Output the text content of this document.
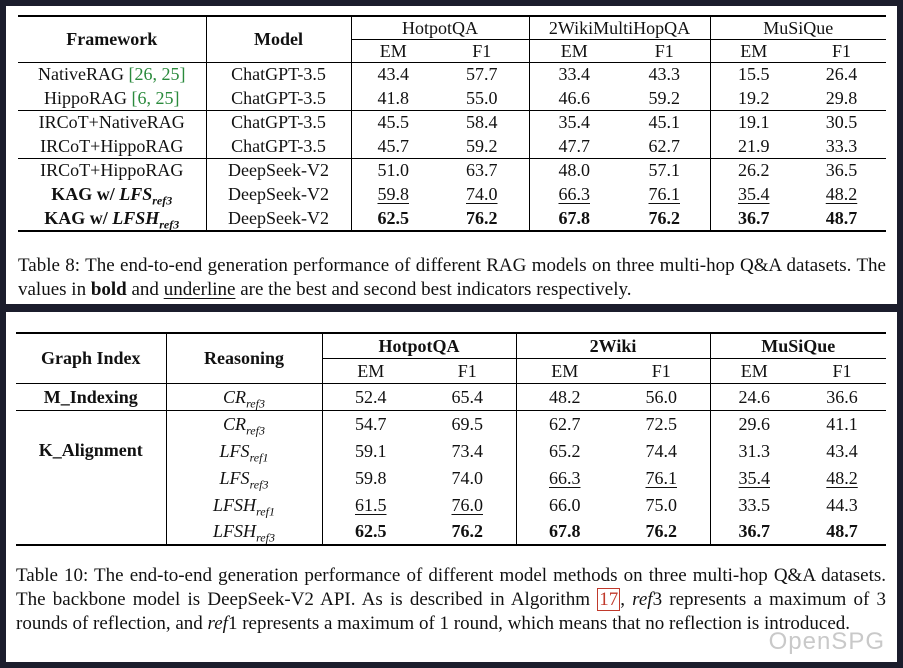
Framework	Model	HotpotQA		2WikiMultiHopQA		MuSiQue	
		EM	F1	EM	F1	EM	F1
NativeRAG [26, 25]	ChatGPT-3.5	43.4	57.7	33.4	43.3	15.5	26.4
HippoRAG [6, 25]	ChatGPT-3.5	41.8	55.0	46.6	59.2	19.2	29.8
IRCoT+NativeRAG	ChatGPT-3.5	45.5	58.4	35.4	45.1	19.1	30.5
IRCoT+HippoRAG	ChatGPT-3.5	45.7	59.2	47.7	62.7	21.9	33.3
IRCoT+HippoRAG	DeepSeek-V2	51.0	63.7	48.0	57.1	26.2	36.5
KAG w/ $LFS_{ref3}$	DeepSeek-V2	59.8	74.0	66.3	76.1	35.4	48.2
KAG w/ $LFSH_{ref3}$	DeepSeek-V2	62.5	76.2	67.8	76.2	36.7	48.7
Table 8: The end-to-end generation performance of different RAG models on three multi-hop Q&A datasets. The values in bold and underline are the best and second best indicators respectively.
Graph Index	Reasoning	HotpotQA		2Wiki		MuSiQue	
		EM	F1	EM	F1	EM	F1
M_Indexing	$CR_{ref3}$	52.4	65.4	48.2	56.0	24.6	36.6
K_Alignment	$CR_{ref3}$	54.7	69.5	62.7	72.5	29.6	41.1
	$LFS_{ref1}$	59.1	73.4	65.2	74.4	31.3	43.4
	$LFS_{ref3}$	59.8	74.0	66.3	76.1	35.4	48.2
	$LFSH_{ref1}$	61.5	76.0	66.0	75.0	33.5	44.3
	$LFSH_{ref3}$	62.5	76.2	67.8	76.2	36.7	48.7
Table 10: The end-to-end generation performance of different model methods on three multi-hop Q&A datasets. The backbone model is DeepSeek-V2 API. As is described in Algorithm 17 , ref3 represents a maximum of 3 rounds of reflection, and ref1 represents a maximum of 1 round, which means that no reflection is introduced.
OpenSPG
